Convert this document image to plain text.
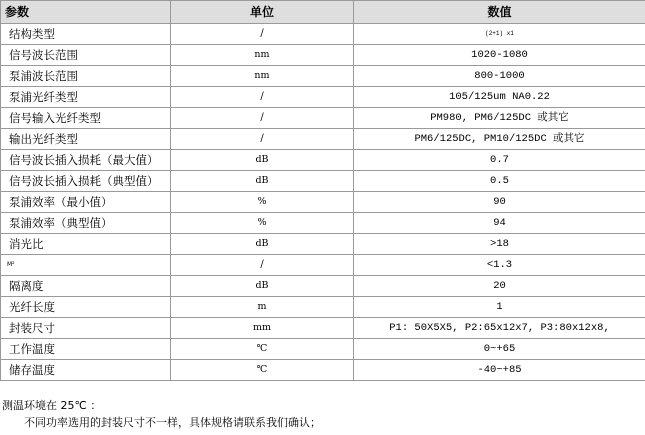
参数	单位	数值
结构类型	/	(2+1) x1
信号波长范围	nm	1020-1080
泵浦波长范围	nm	800-1000
泵浦光纤类型	/	105/125um NA0.22
信号输入光纤类型	/	PM980, PM6/125DC 或其它
输出光纤类型	/	PM6/125DC, PM10/125DC 或其它
信号波长插入损耗（最大值）	dB	0.7
信号波长插入损耗（典型值）	dB	0.5
泵浦效率（最小值）	%	90
泵浦效率（典型值）	%	94
消光比	dB	>18
M²	/	<1.3
隔离度	dB	20
光纤长度	m	1
封装尺寸	mm	P1: 50X5X5, P2:65x12x7, P3:80x12x8,
工作温度	℃	0~+65
储存温度	℃	-40~+85
测温环境在 25℃ ：
不同功率选用的封装尺寸不一样，具体规格请联系我们确认；
